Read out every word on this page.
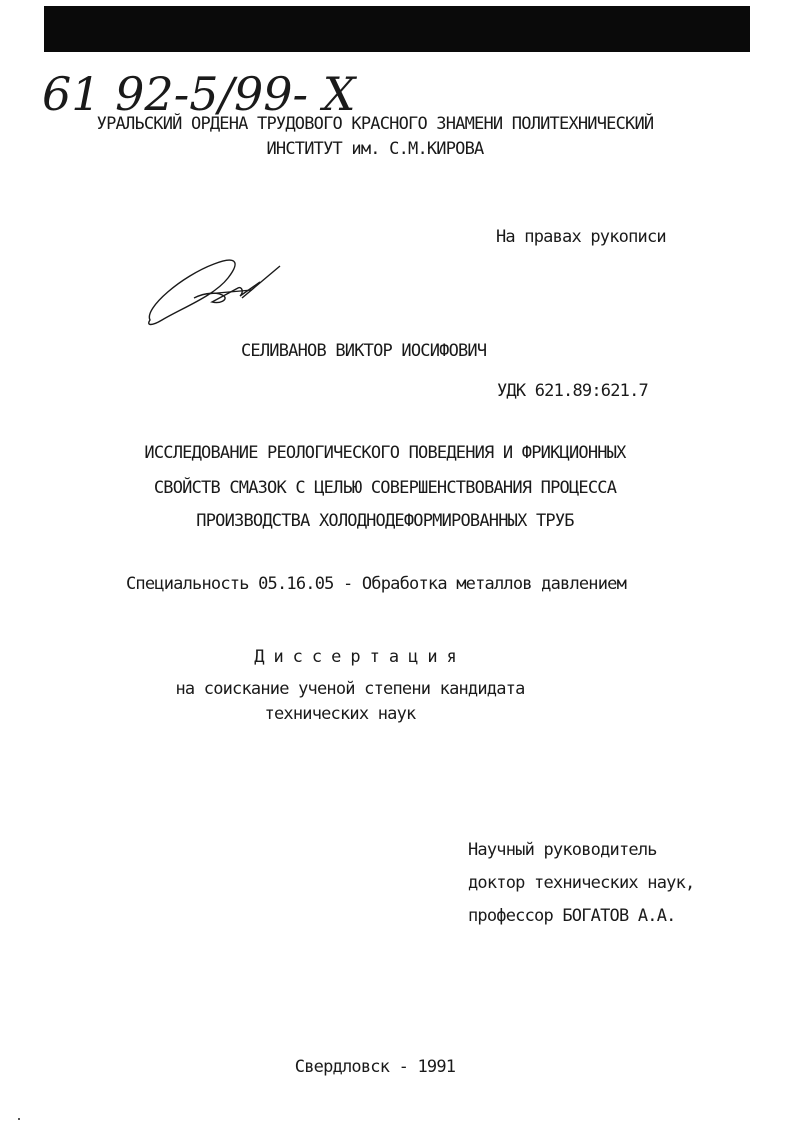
61 92-5/99- X
УРАЛЬСКИЙ ОРДЕНА ТРУДОВОГО КРАСНОГО ЗНАМЕНИ ПОЛИТЕХНИЧЕСКИЙ
ИНСТИТУТ им. С.М.КИРОВА
На правах рукописи
СЕЛИВАНОВ ВИКТОР ИОСИФОВИЧ
УДК 621.89:621.7
ИССЛЕДОВАНИЕ РЕОЛОГИЧЕСКОГО ПОВЕДЕНИЯ И ФРИКЦИОННЫХ
СВОЙСТВ СМАЗОК С ЦЕЛЬЮ СОВЕРШЕНСТВОВАНИЯ ПРОЦЕССА
ПРОИЗВОДСТВА ХОЛОДНОДЕФОРМИРОВАННЫХ ТРУБ
Специальность 05.16.05 - Обработка металлов давлением
Диссертация
на соискание ученой степени кандидата
технических наук
Научный руководитель
доктор технических наук,
профессор БОГАТОВ А.А.
Свердловск - 1991
